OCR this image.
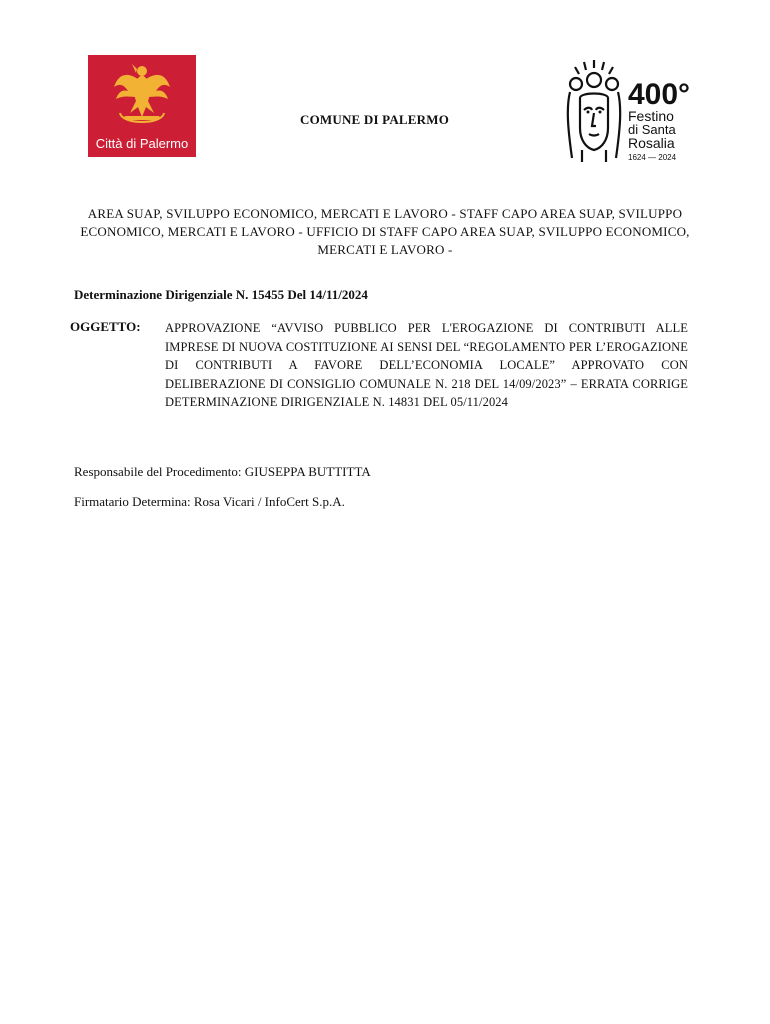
Città di Palermo
COMUNE DI PALERMO
400°
Festino
di Santa
Rosalia
1624 — 2024
AREA SUAP, SVILUPPO ECONOMICO, MERCATI E LAVORO - STAFF CAPO AREA SUAP, SVILUPPO ECONOMICO, MERCATI E LAVORO - UFFICIO DI STAFF CAPO AREA SUAP, SVILUPPO ECONOMICO, MERCATI E LAVORO -
Determinazione Dirigenziale N. 15455 Del 14/11/2024
OGGETTO: APPROVAZIONE “AVVISO PUBBLICO PER L'EROGAZIONE DI CONTRIBUTI ALLE IMPRESE DI NUOVA COSTITUZIONE AI SENSI DEL “REGOLAMENTO PER L’EROGAZIONE DI CONTRIBUTI A FAVORE DELL’ECONOMIA LOCALE” APPROVATO CON DELIBERAZIONE DI CONSIGLIO COMUNALE N. 218 DEL 14/09/2023” – ERRATA CORRIGE DETERMINAZIONE DIRIGENZIALE N. 14831 DEL 05/11/2024
Responsabile del Procedimento: GIUSEPPA BUTTITTA
Firmatario Determina: Rosa Vicari / InfoCert S.p.A.
